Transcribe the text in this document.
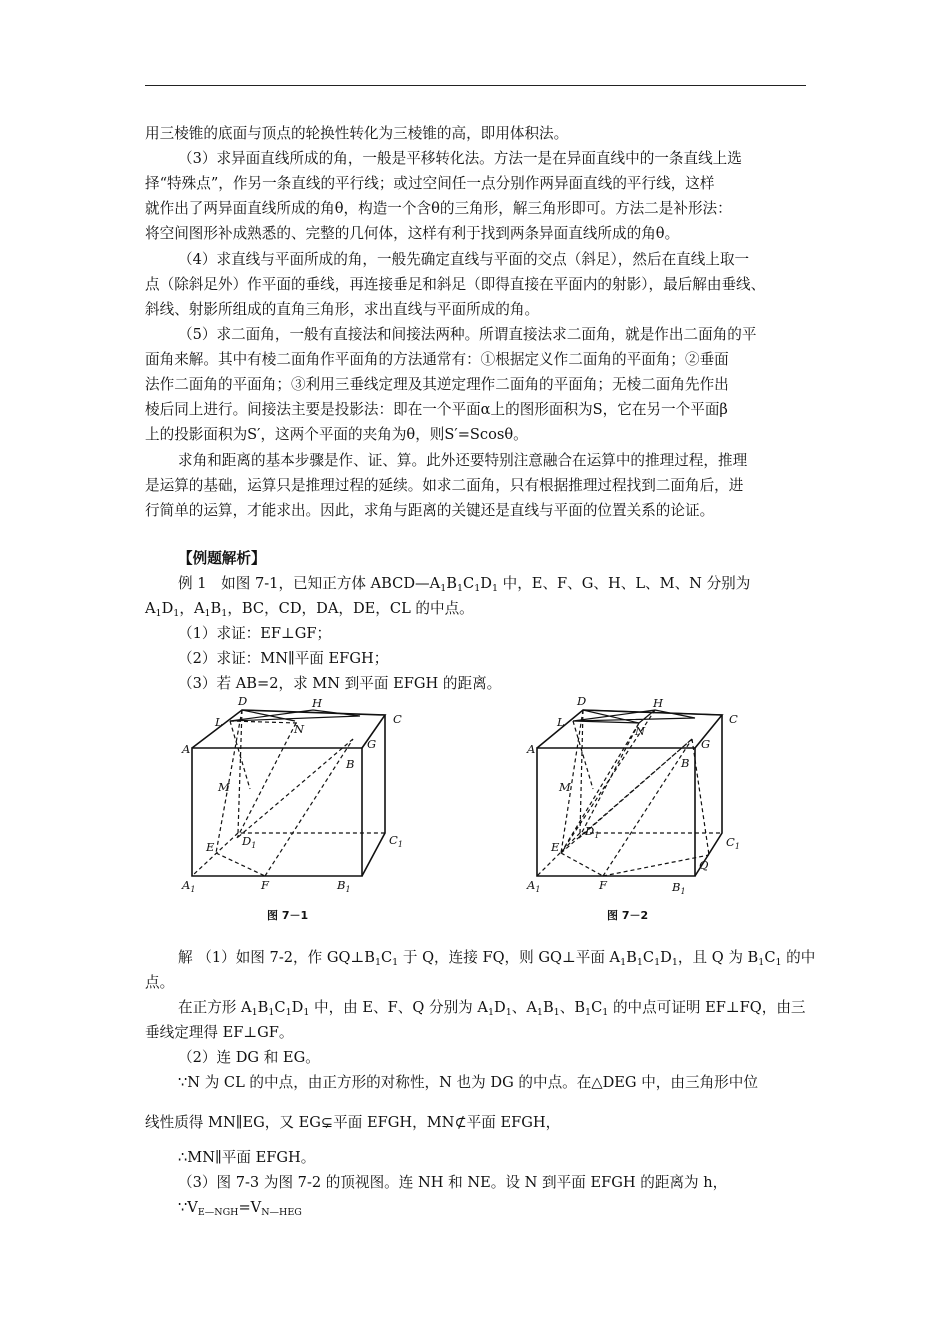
用三棱锥的底面与顶点的轮换性转化为三棱锥的高，即用体积法。
（3）求异面直线所成的角，一般是平移转化法。方法一是在异面直线中的一条直线上选
择“特殊点”，作另一条直线的平行线；或过空间任一点分别作两异面直线的平行线，这样
就作出了两异面直线所成的角θ，构造一个含θ的三角形，解三角形即可。方法二是补形法：
将空间图形补成熟悉的、完整的几何体，这样有利于找到两条异面直线所成的角θ。
（4）求直线与平面所成的角，一般先确定直线与平面的交点（斜足），然后在直线上取一
点（除斜足外）作平面的垂线，再连接垂足和斜足（即得直接在平面内的射影），最后解由垂线、
斜线、射影所组成的直角三角形，求出直线与平面所成的角。
（5）求二面角，一般有直接法和间接法两种。所谓直接法求二面角，就是作出二面角的平
面角来解。其中有棱二面角作平面角的方法通常有：①根据定义作二面角的平面角；②垂面
法作二面角的平面角；③利用三垂线定理及其逆定理作二面角的平面角；无棱二面角先作出
棱后同上进行。间接法主要是投影法：即在一个平面α上的图形面积为S，它在另一个平面β
上的投影面积为S′，这两个平面的夹角为θ，则S′=Scosθ。
求角和距离的基本步骤是作、证、算。此外还要特别注意融合在运算中的推理过程，推理
是运算的基础，运算只是推理过程的延续。如求二面角，只有根据推理过程找到二面角后，进
行简单的运算，才能求出。因此，求角与距离的关键还是直线与平面的位置关系的论证。
【例题解析】
例 1　如图 7-1，已知正方体 $ABCD—A_1B_1C_1D_1$ 中，E、F、G、H、L、M、N 分别为
$A_1D_1$，$A_1B_1$，BC，CD，DA，DE，CL 的中点。
（1）求证：EF⊥GF；
（2）求证：MN∥平面 EFGH；
（3）若 AB=2，求 MN 到平面 EFGH 的距离。
D	H
L	N
C
A	G
B
M
E $D_1$	$C_1$
$A_1$	F	$B_1$
图 7－1
D	H
L
N
C
A	G
B
M
E
$D_1$	$C_1$
Q
$A_1$	F	$B_1$
图 7－2
解 （1）如图 7-2，作 $GQ\perp B_1C_1$ 于 Q，连接 FQ，则 GQ⊥平面 $A_1B_1C_1D_1$，且 Q 为 $B_1C_1$ 的中
点。
在正方形 $A_1B_1C_1D_1$ 中，由 E、F、Q 分别为 $A_1D_1$、$A_1B_1$、$B_1C_1$ 的中点可证明 EF⊥FQ，由三
垂线定理得 EF⊥GF。
（2）连 DG 和 EG。
∵N 为 CL 的中点，由正方形的对称性，N 也为 DG 的中点。在△DEG 中，由三角形中位
线性质得 MN∥EG，又 EG⊊平面 EFGH，MN⊄平面 EFGH，
∴MN∥平面 EFGH。
（3）图 7-3 为图 7-2 的顶视图。连 NH 和 NE。设 N 到平面 EFGH 的距离为 h，
$\because V_{E—NGH}=V_{N—HEG}$
